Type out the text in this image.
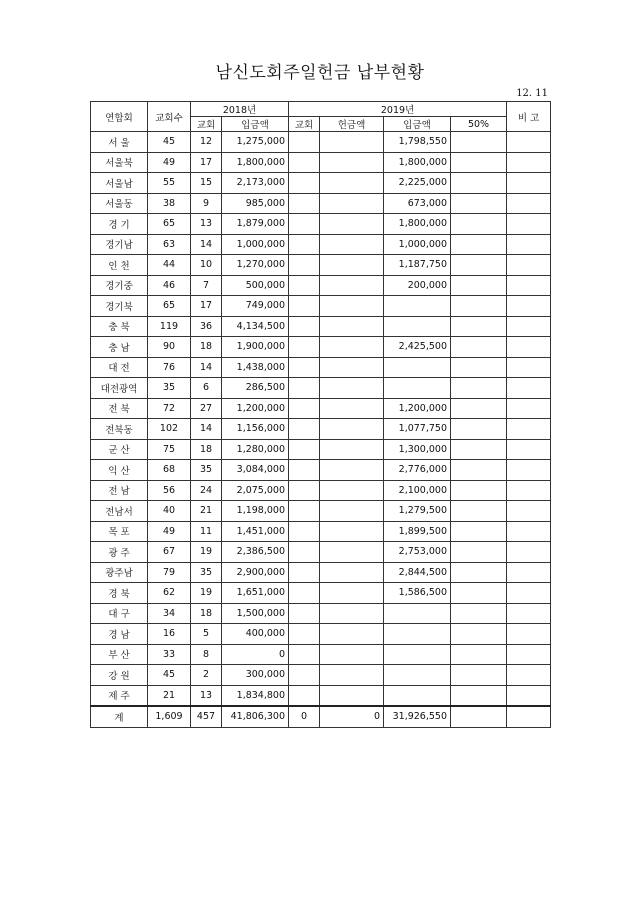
남신도회주일헌금 납부현황
12. 11
연합회	교회수	2018년		2019년				비 고
		교회	입금액	교회	헌금액	입금액	50%	
서 울	45	12	1,275,000			1,798,550		
서울북	49	17	1,800,000			1,800,000		
서울남	55	15	2,173,000			2,225,000		
서울동	38	9	985,000			673,000		
경 기	65	13	1,879,000			1,800,000		
경기남	63	14	1,000,000			1,000,000		
인 천	44	10	1,270,000			1,187,750		
경기중	46	7	500,000			200,000		
경기북	65	17	749,000					
충 북	119	36	4,134,500					
충 남	90	18	1,900,000			2,425,500		
대 전	76	14	1,438,000					
대전광역	35	6	286,500					
전 북	72	27	1,200,000			1,200,000		
전북동	102	14	1,156,000			1,077,750		
군 산	75	18	1,280,000			1,300,000		
익 산	68	35	3,084,000			2,776,000		
전 남	56	24	2,075,000			2,100,000		
전남서	40	21	1,198,000			1,279,500		
목 포	49	11	1,451,000			1,899,500		
광 주	67	19	2,386,500			2,753,000		
광주남	79	35	2,900,000			2,844,500		
경 북	62	19	1,651,000			1,586,500		
대 구	34	18	1,500,000					
경 남	16	5	400,000					
부 산	33	8	0					
강 원	45	2	300,000					
제 주	21	13	1,834,800					
계	1,609	457	41,806,300	0	0	31,926,550		
